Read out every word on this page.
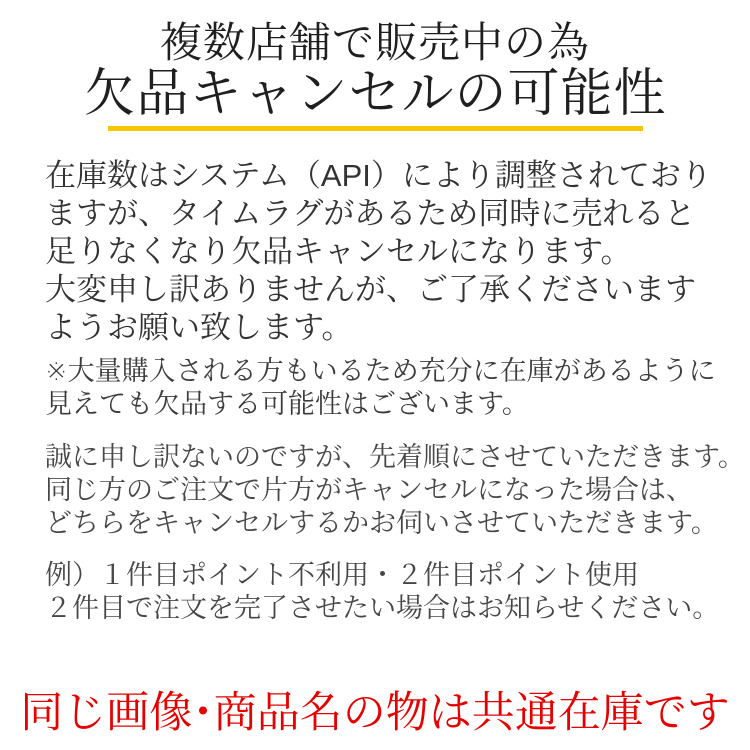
複数店舗で販売中の為
欠品キャンセルの可能性
在庫数はシステム（API）により調整されており
ますが、タイムラグがあるため同時に売れると
足りなくなり欠品キャンセルになります。
大変申し訳ありませんが、ご了承くださいます
ようお願い致します。
※大量購入される方もいるため充分に在庫があるように
見えても欠品する可能性はございます。
誠に申し訳ないのですが、先着順にさせていただきます。
同じ方のご注文で片方がキャンセルになった場合は、
どちらをキャンセルするかお伺いさせていただきます。
例）１件目ポイント不利用・２件目ポイント使用
２件目で注文を完了させたい場合はお知らせください。
同じ画像･商品名の物は共通在庫です
